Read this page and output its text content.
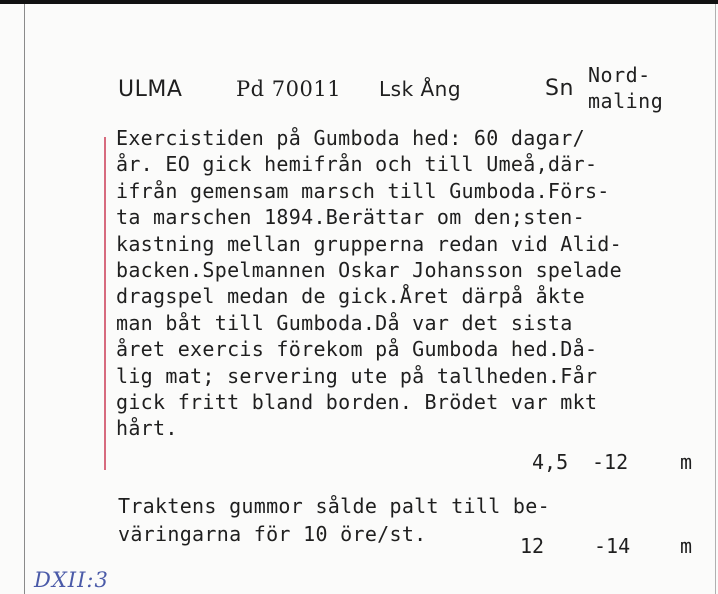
ULMA	Pd 70011 Lsk Ång	Sn
Nord-
maling
Exercistiden på Gumboda hed: 60 dagar/
år. EO gick hemifrån och till Umeå,där-
ifrån gemensam marsch till Gumboda.Förs-
ta marschen 1894.Berättar om den;sten-
kastning mellan grupperna redan vid Alid-
backen.Spelmannen Oskar Johansson spelade
dragspel medan de gick.Året därpå åkte
man båt till Gumboda.Då var det sista
året exercis förekom på Gumboda hed.Då-
lig mat; servering ute på tallheden.Får
gick fritt bland borden. Brödet var mkt
hårt.
4,5 -12	m
Traktens gummor sålde palt till be-
väringarna för 10 öre/st.	12 -14 m
DXII:3
